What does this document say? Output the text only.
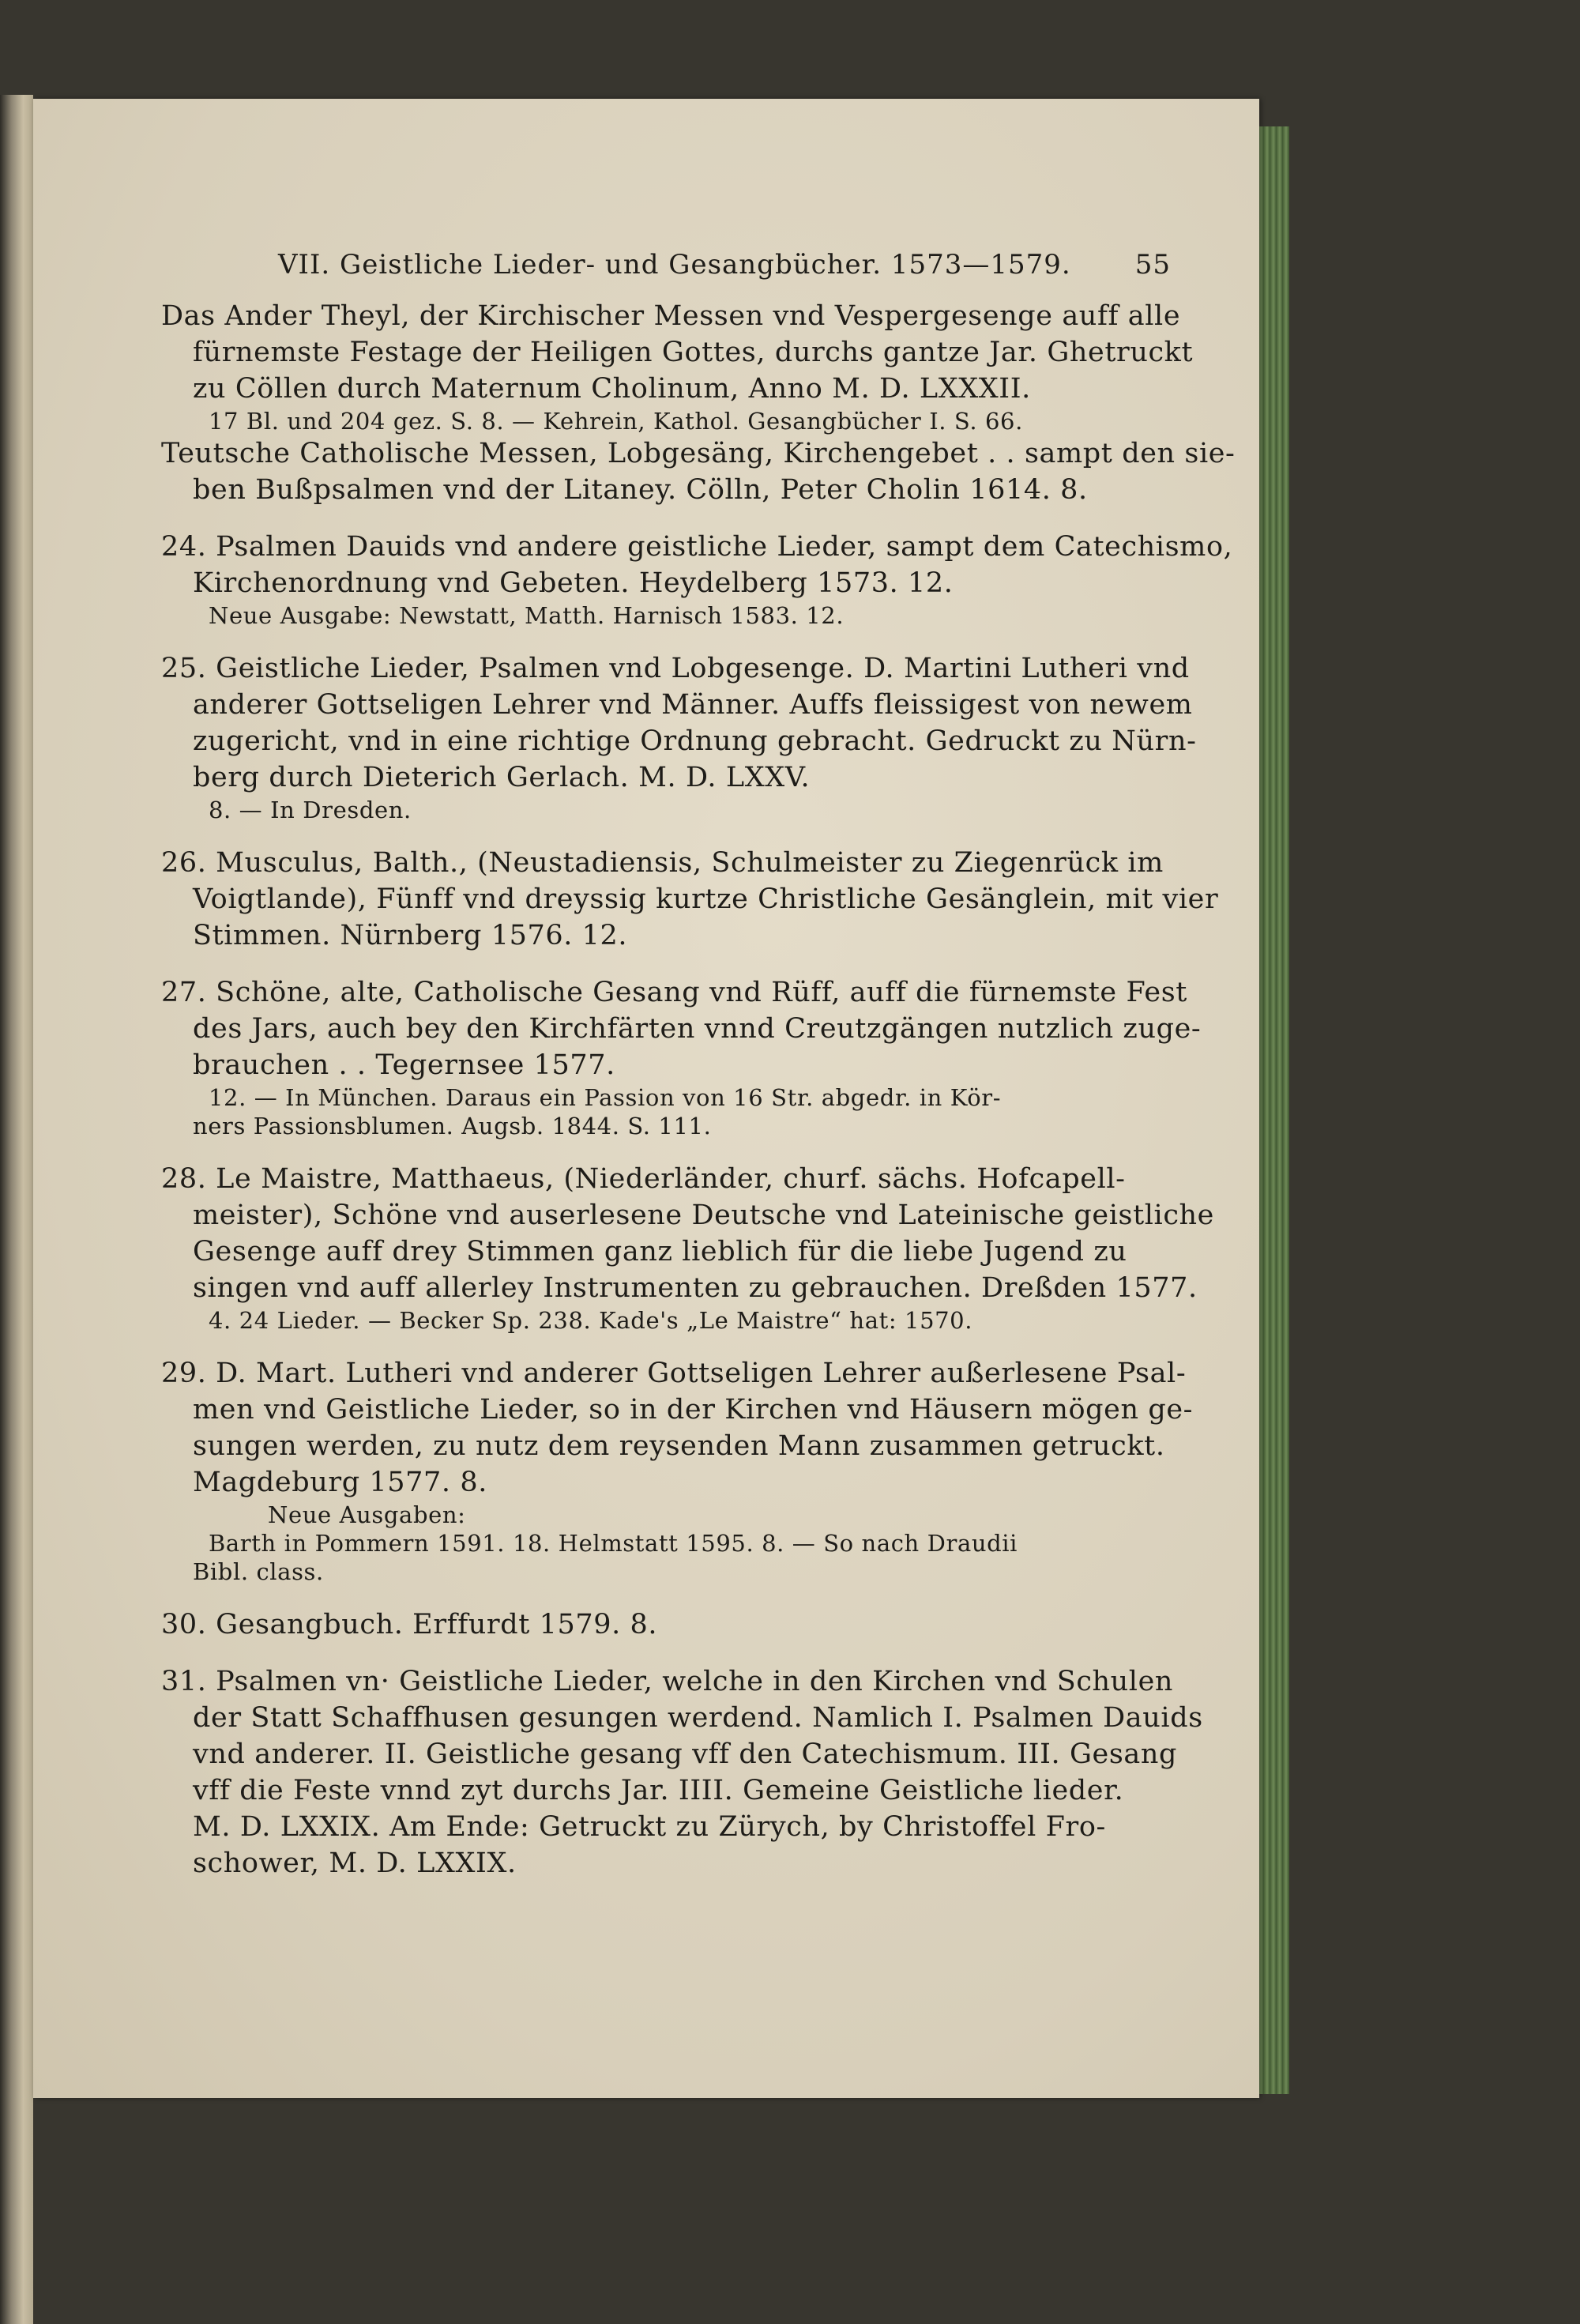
VII. Geistliche Lieder- und Gesangbücher. 1573—1579. 55
Das Ander Theyl, der Kirchischer Messen vnd Vespergesenge auff alle
fürnemste Festage der Heiligen Gottes, durchs gantze Jar. Ghetruckt
zu Cöllen durch Maternum Cholinum, Anno M. D. LXXXII.
17 Bl. und 204 gez. S. 8. — Kehrein, Kathol. Gesangbücher I. S. 66.
Teutsche Catholische Messen, Lobgesäng, Kirchengebet . . sampt den sie-
ben Bußpsalmen vnd der Litaney. Cölln, Peter Cholin 1614. 8.
24. Psalmen Dauids vnd andere geistliche Lieder, sampt dem Catechismo,
Kirchenordnung vnd Gebeten. Heydelberg 1573. 12.
Neue Ausgabe: Newstatt, Matth. Harnisch 1583. 12.
25. Geistliche Lieder, Psalmen vnd Lobgesenge. D. Martini Lutheri vnd
anderer Gottseligen Lehrer vnd Männer. Auffs fleissigest von newem
zugericht, vnd in eine richtige Ordnung gebracht. Gedruckt zu Nürn-
berg durch Dieterich Gerlach. M. D. LXXV.
8. — In Dresden.
26. Musculus, Balth., (Neustadiensis, Schulmeister zu Ziegenrück im
Voigtlande), Fünff vnd dreyssig kurtze Christliche Gesänglein, mit vier
Stimmen. Nürnberg 1576. 12.
27. Schöne, alte, Catholische Gesang vnd Rüff, auff die fürnemste Fest
des Jars, auch bey den Kirchfärten vnnd Creutzgängen nutzlich zuge-
brauchen . . Tegernsee 1577.
12. — In München. Daraus ein Passion von 16 Str. abgedr. in Kör-
ners Passionsblumen. Augsb. 1844. S. 111.
28. Le Maistre, Matthaeus, (Niederländer, churf. sächs. Hofcapell-
meister), Schöne vnd auserlesene Deutsche vnd Lateinische geistliche
Gesenge auff drey Stimmen ganz lieblich für die liebe Jugend zu
singen vnd auff allerley Instrumenten zu gebrauchen. Dreßden 1577.
4. 24 Lieder. — Becker Sp. 238. Kade's „Le Maistre“ hat: 1570.
29. D. Mart. Lutheri vnd anderer Gottseligen Lehrer außerlesene Psal-
men vnd Geistliche Lieder, so in der Kirchen vnd Häusern mögen ge-
sungen werden, zu nutz dem reysenden Mann zusammen getruckt.
Magdeburg 1577. 8.
Neue Ausgaben:
Barth in Pommern 1591. 18. Helmstatt 1595. 8. — So nach Draudii
Bibl. class.
30. Gesangbuch. Erffurdt 1579. 8.
31. Psalmen vn· Geistliche Lieder, welche in den Kirchen vnd Schulen
der Statt Schaffhusen gesungen werdend. Namlich I. Psalmen Dauids
vnd anderer. II. Geistliche gesang vff den Catechismum. III. Gesang
vff die Feste vnnd zyt durchs Jar. IIII. Gemeine Geistliche lieder.
M. D. LXXIX. Am Ende: Getruckt zu Zürych, by Christoffel Fro-
schower, M. D. LXXIX.
